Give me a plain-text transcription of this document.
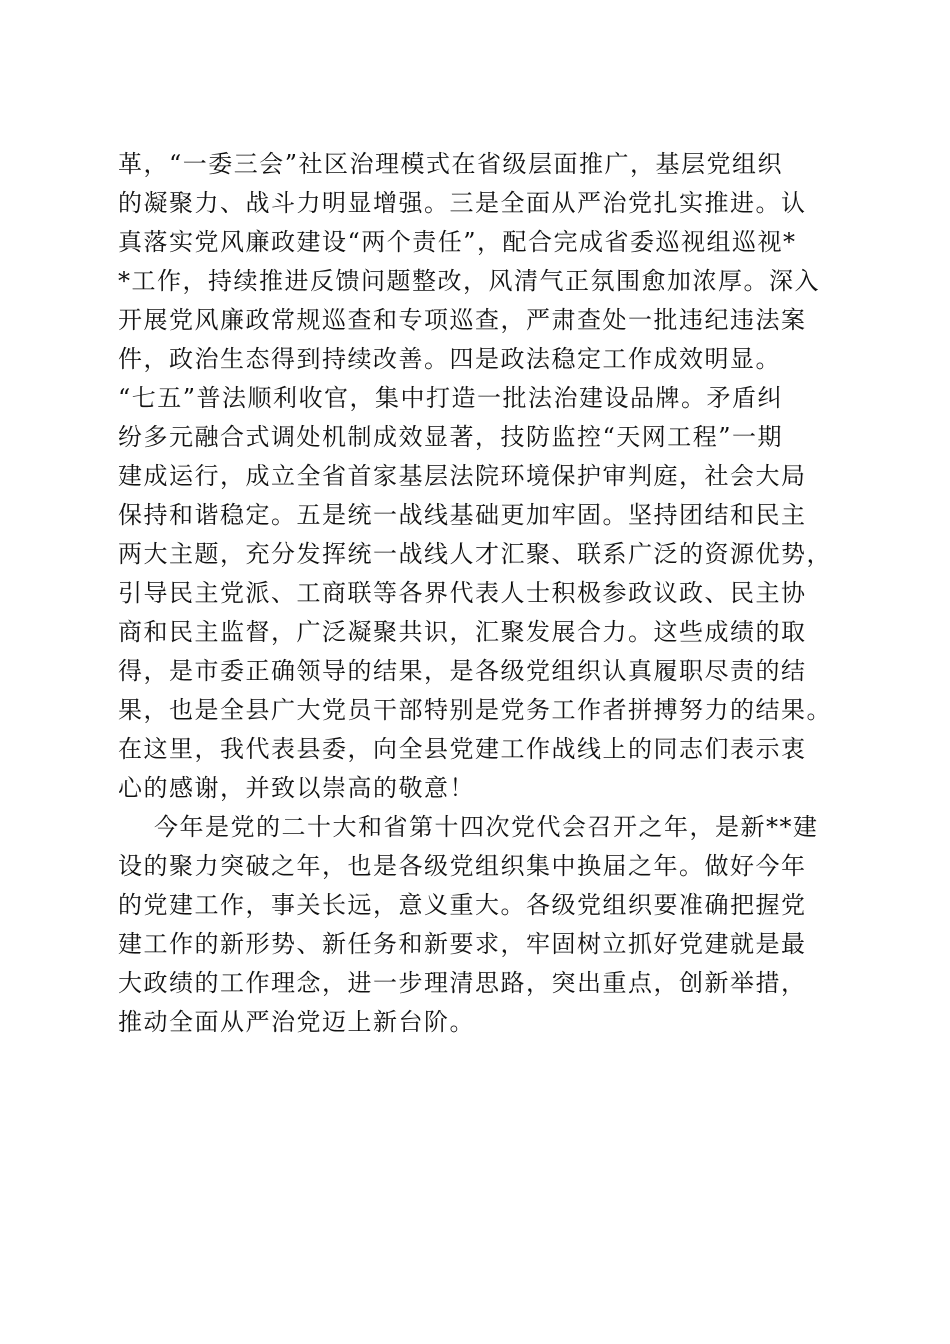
革，“一委三会”社区治理模式在省级层面推广，基层党组织
的凝聚力、战斗力明显增强。三是全面从严治党扎实推进。认
真落实党风廉政建设“两个责任”，配合完成省委巡视组巡视*
*工作，持续推进反馈问题整改，风清气正氛围愈加浓厚。深入
开展党风廉政常规巡查和专项巡查，严肃查处一批违纪违法案
件，政治生态得到持续改善。四是政法稳定工作成效明显。
“七五”普法顺利收官，集中打造一批法治建设品牌。矛盾纠
纷多元融合式调处机制成效显著，技防监控“天网工程”一期
建成运行，成立全省首家基层法院环境保护审判庭，社会大局
保持和谐稳定。五是统一战线基础更加牢固。坚持团结和民主
两大主题，充分发挥统一战线人才汇聚、联系广泛的资源优势，
引导民主党派、工商联等各界代表人士积极参政议政、民主协
商和民主监督，广泛凝聚共识，汇聚发展合力。这些成绩的取
得，是市委正确领导的结果，是各级党组织认真履职尽责的结
果，也是全县广大党员干部特别是党务工作者拼搏努力的结果。
在这里，我代表县委，向全县党建工作战线上的同志们表示衷
心的感谢，并致以崇高的敬意！
今年是党的二十大和省第十四次党代会召开之年，是新**建
设的聚力突破之年，也是各级党组织集中换届之年。做好今年
的党建工作，事关长远，意义重大。各级党组织要准确把握党
建工作的新形势、新任务和新要求，牢固树立抓好党建就是最
大政绩的工作理念，进一步理清思路，突出重点，创新举措，
推动全面从严治党迈上新台阶。
